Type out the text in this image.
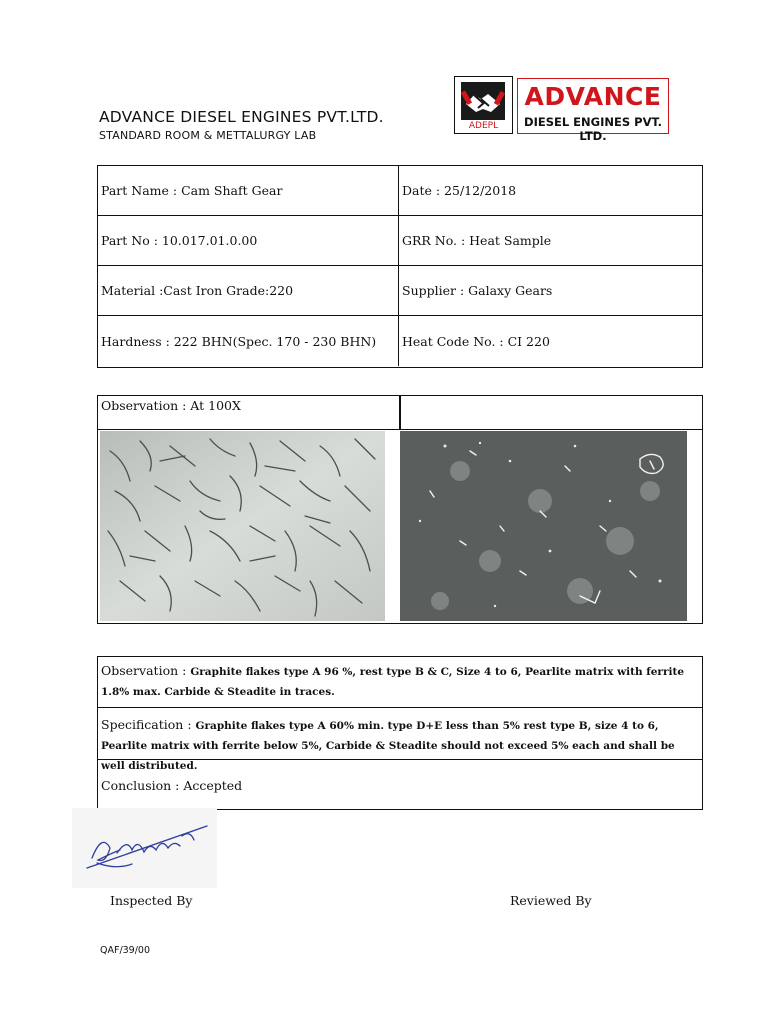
ADVANCE DIESEL ENGINES PVT.LTD.
STANDARD ROOM & METTALURGY LAB
ADEPL
ADVANCE
DIESEL ENGINES PVT. LTD.
Part Name : Cam Shaft Gear	Date : 25/12/2018
Part No : 10.017.01.0.00	GRR No. : Heat Sample
Material :Cast Iron Grade:220	Supplier : Galaxy Gears
Hardness : 222 BHN(Spec. 170 - 230 BHN)	Heat Code No. : CI 220
Observation : At 100X
Observation : Graphite flakes type A 96 %, rest type B & C, Size 4 to 6, Pearlite matrix with ferrite 1.8% max. Carbide & Steadite in traces.
Specification : Graphite flakes type A 60% min. type D+E less than 5% rest type B, size 4 to 6, Pearlite matrix with ferrite below 5%, Carbide & Steadite should not exceed 5% each and shall be well distributed.
Conclusion : Accepted
Inspected By	Reviewed By
QAF/39/00
